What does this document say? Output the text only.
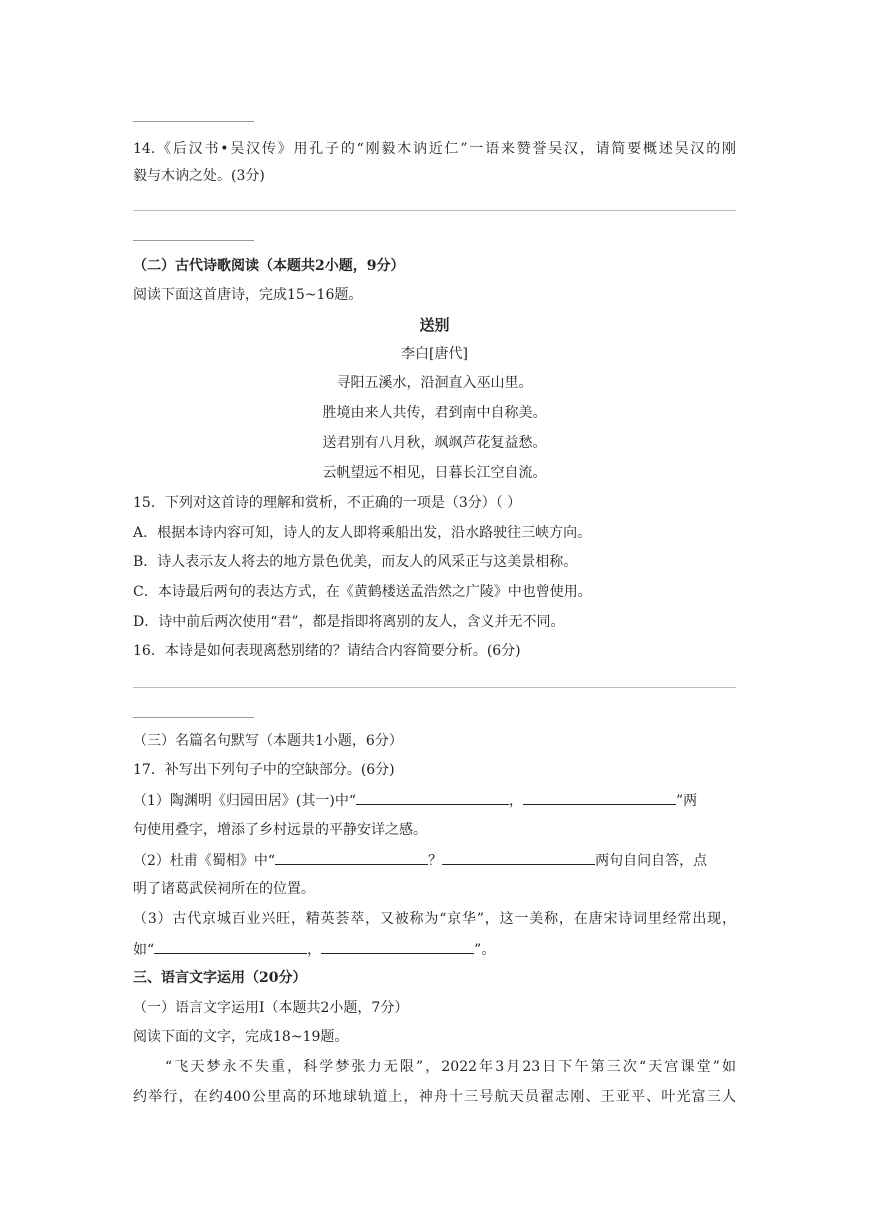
14.《后汉书•吴汉传》用孔子的“刚毅木讷近仁”一语来赞誉吴汉，请简要概述吴汉的刚
毅与木讷之处。(3分)
（二）古代诗歌阅读（本题共2小题，9分）
阅读下面这首唐诗，完成15~16题。
送别
李白[唐代]
寻阳五溪水，沿洄直入巫山里。
胜境由来人共传，君到南中自称美。
送君别有八月秋，飒飒芦花复益愁。
云帆望远不相见，日暮长江空自流。
15．下列对这首诗的理解和赏析，不正确的一项是（3分）（ ）
A．根据本诗内容可知，诗人的友人即将乘船出发，沿水路驶往三峡方向。
B．诗人表示友人将去的地方景色优美，而友人的风采正与这美景相称。
C．本诗最后两句的表达方式，在《黄鹤楼送孟浩然之广陵》中也曾使用。
D．诗中前后两次使用“君”，都是指即将离别的友人，含义并无不同。
16．本诗是如何表现离愁别绪的？请结合内容简要分析。(6分)
（三）名篇名句默写（本题共1小题，6分）
17．补写出下列句子中的空缺部分。(6分)
（1）陶渊明《归园田居》(其一)中“	，	”两
句使用叠字，增添了乡村远景的平静安详之感。
（2）杜甫《蜀相》中“	？	两句自问自答，点
明了诸葛武侯祠所在的位置。
（3）古代京城百业兴旺，精英荟萃，又被称为“京华”，这一美称，在唐宋诗词里经常出现，
如“	，	”。
三、语言文字运用（20分）
（一）语言文字运用Ⅰ（本题共2小题，7分）
阅读下面的文字，完成18~19题。
“飞天梦永不失重，科学梦张力无限”，2022年3月23日下午第三次“天宫课堂”如
约举行，在约400公里高的环地球轨道上，神舟十三号航天员翟志刚、王亚平、叶光富三人
